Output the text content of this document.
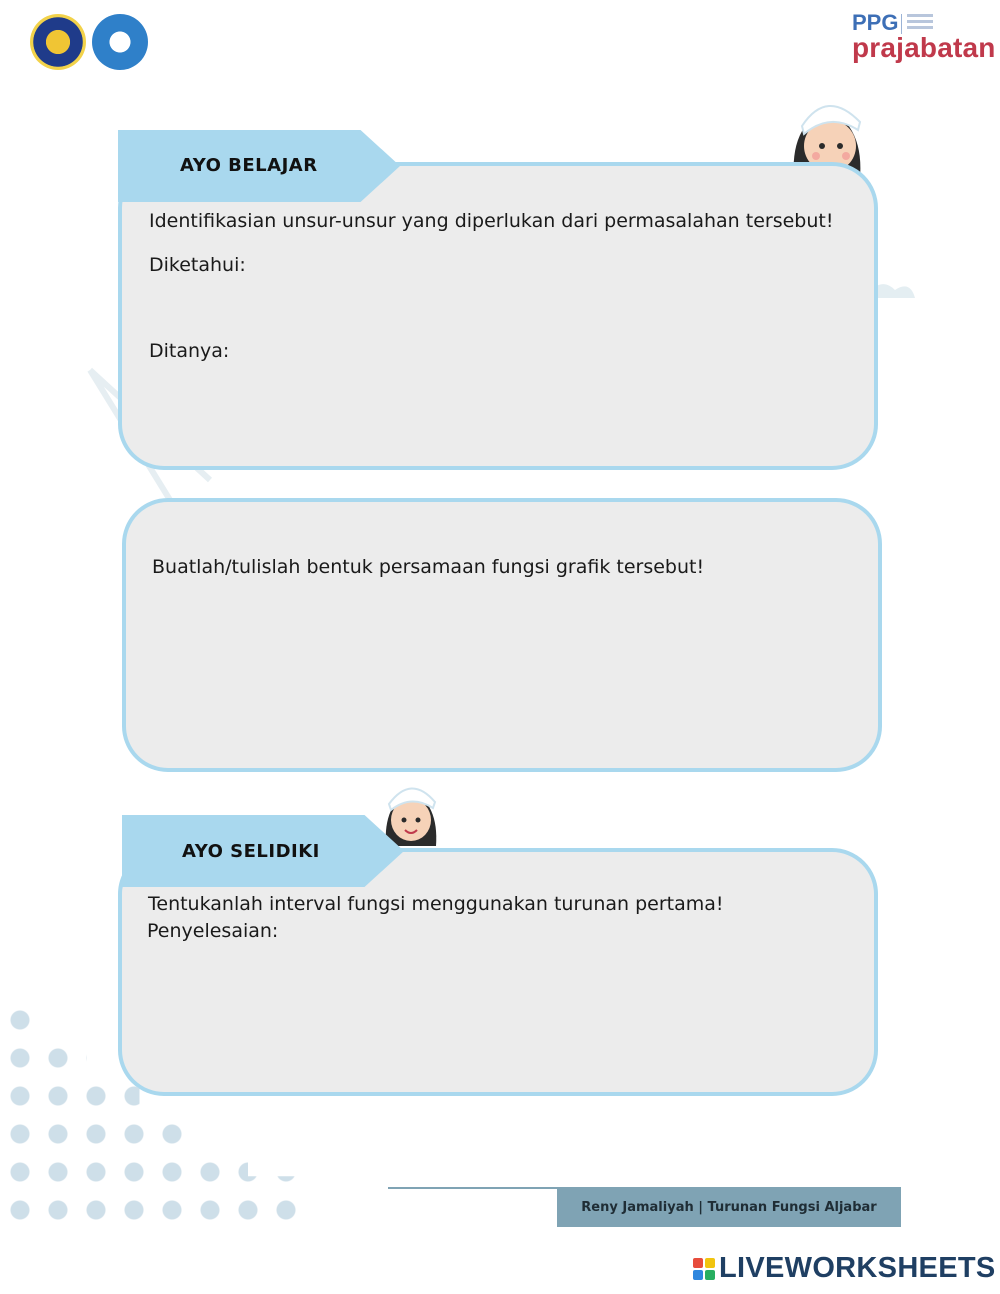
PPG
prajabatan
AYO BELAJAR
Identifikasian unsur-unsur yang diperlukan dari permasalahan tersebut!
Diketahui:
Ditanya:
Buatlah/tulislah bentuk persamaan fungsi grafik tersebut!
AYO SELIDIKI
Tentukanlah interval fungsi menggunakan turunan pertama!
Penyelesaian:
Reny Jamaliyah | Turunan Fungsi Aljabar
LIVEWORKSHEETS
